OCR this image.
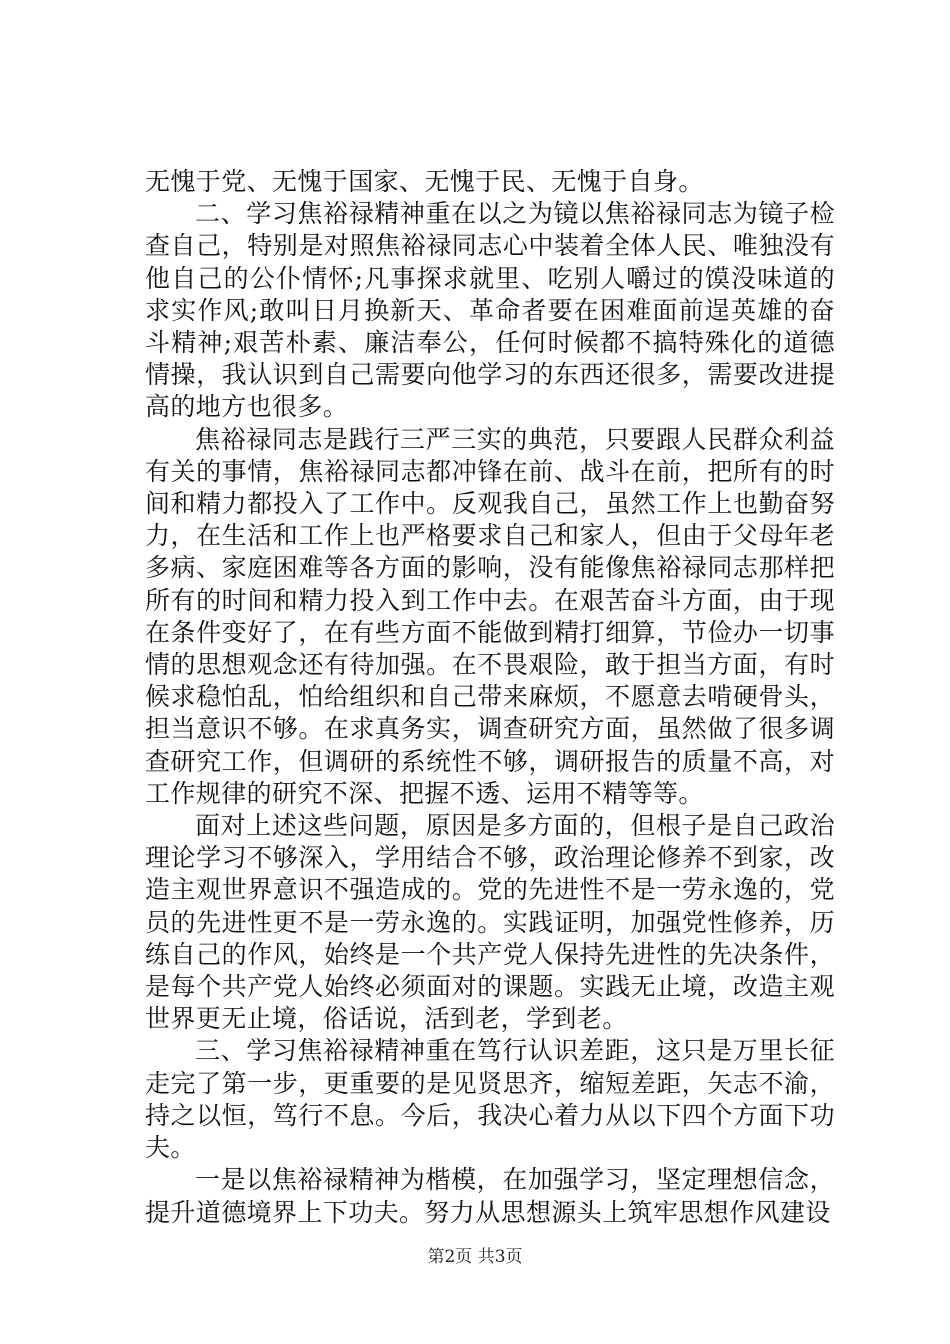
无愧于党、无愧于国家、无愧于民、无愧于自身。

二、学习焦裕禄精神重在以之为镜以焦裕禄同志为镜子检查自己，特别是对照焦裕禄同志心中装着全体人民、唯独没有他自己的公仆情怀;凡事探求就里、吃别人嚼过的馍没味道的求实作风;敢叫日月换新天、革命者要在困难面前逞英雄的奋斗精神;艰苦朴素、廉洁奉公，任何时候都不搞特殊化的道德情操，我认识到自己需要向他学习的东西还很多，需要改进提高的地方也很多。

焦裕禄同志是践行三严三实的典范，只要跟人民群众利益有关的事情，焦裕禄同志都冲锋在前、战斗在前，把所有的时间和精力都投入了工作中。反观我自己，虽然工作上也勤奋努力，在生活和工作上也严格要求自己和家人，但由于父母年老多病、家庭困难等各方面的影响，没有能像焦裕禄同志那样把所有的时间和精力投入到工作中去。在艰苦奋斗方面，由于现在条件变好了，在有些方面不能做到精打细算，节俭办一切事情的思想观念还有待加强。在不畏艰险，敢于担当方面，有时候求稳怕乱，怕给组织和自己带来麻烦，不愿意去啃硬骨头，担当意识不够。在求真务实，调查研究方面，虽然做了很多调查研究工作，但调研的系统性不够，调研报告的质量不高，对工作规律的研究不深、把握不透、运用不精等等。

面对上述这些问题，原因是多方面的，但根子是自己政治理论学习不够深入，学用结合不够，政治理论修养不到家，改造主观世界意识不强造成的。党的先进性不是一劳永逸的，党员的先进性更不是一劳永逸的。实践证明，加强党性修养，历练自己的作风，始终是一个共产党人保持先进性的先决条件，是每个共产党人始终必须面对的课题。实践无止境，改造主观世界更无止境，俗话说，活到老，学到老。

三、学习焦裕禄精神重在笃行认识差距，这只是万里长征走完了第一步，更重要的是见贤思齐，缩短差距，矢志不渝，持之以恒，笃行不息。今后，我决心着力从以下四个方面下功夫。

一是以焦裕禄精神为楷模，在加强学习，坚定理想信念，提升道德境界上下功夫。努力从思想源头上筑牢思想作风建设

第2页 共3页
